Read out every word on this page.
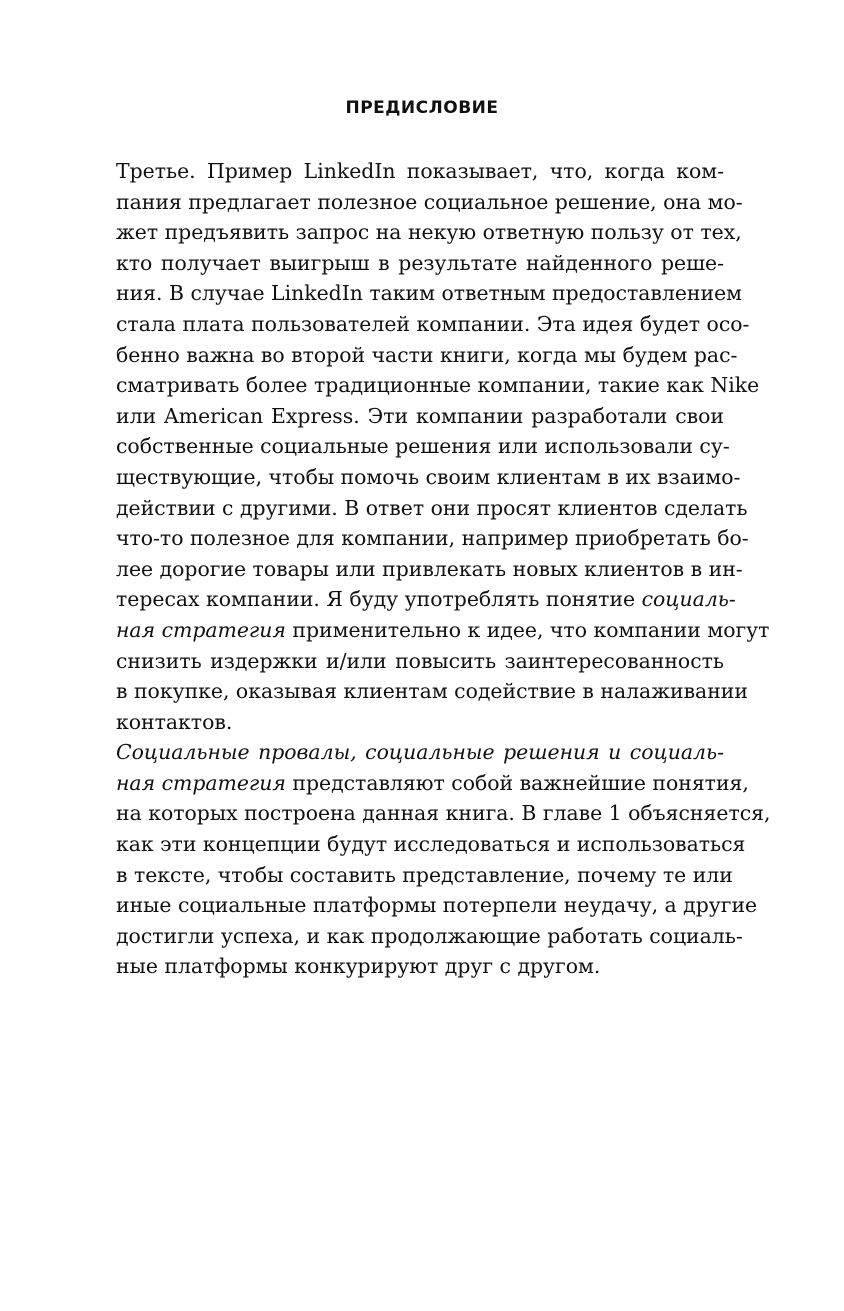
ПРЕДИСЛОВИЕ
Третье. Пример LinkedIn показывает, что, когда ком-
пания предлагает полезное социальное решение, она мо-
жет предъявить запрос на некую ответную пользу от тех,
кто получает выигрыш в результате найденного реше-
ния. В случае LinkedIn таким ответным предоставлением
стала плата пользователей компании. Эта идея будет осо-
бенно важна во второй части книги, когда мы будем рас-
сматривать более традиционные компании, такие как Nike
или American Express. Эти компании разработали свои
собственные социальные решения или использовали су-
ществующие, чтобы помочь своим клиентам в их взаимо-
действии с другими. В ответ они просят клиентов сделать
что-то полезное для компании, например приобретать бо-
лее дорогие товары или привлекать новых клиентов в ин-
тересах компании. Я буду употреблять понятие социаль-
ная стратегия применительно к идее, что компании могут
снизить издержки и/или повысить заинтересованность
в покупке, оказывая клиентам содействие в налаживании
контактов.
Социальные провалы, социальные решения и социаль-
ная стратегия представляют собой важнейшие понятия,
на которых построена данная книга. В главе 1 объясняется,
как эти концепции будут исследоваться и использоваться
в тексте, чтобы составить представление, почему те или
иные социальные платформы потерпели неудачу, а другие
достигли успеха, и как продолжающие работать социаль-
ные платформы конкурируют друг с другом.
